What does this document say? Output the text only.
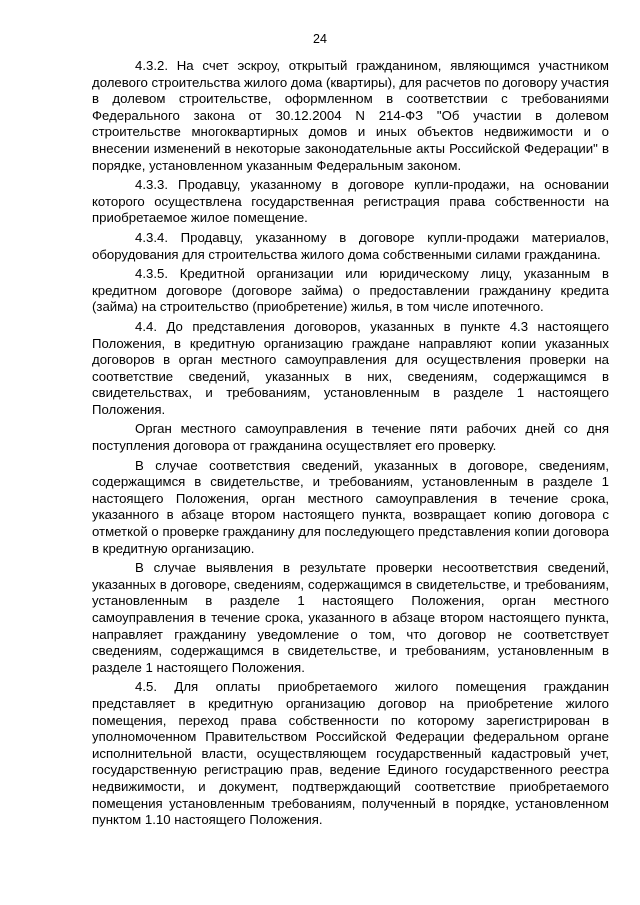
24

4.3.2. На счет эскроу, открытый гражданином, являющимся участником долевого строительства жилого дома (квартиры), для расчетов по договору участия в долевом строительстве, оформленном в соответствии с требованиями Федерального закона от 30.12.2004 N 214-ФЗ "Об участии в долевом строительстве многоквартирных домов и иных объектов недвижимости и о внесении изменений в некоторые законодательные акты Российской Федерации" в порядке, установленном указанным Федеральным законом.

4.3.3. Продавцу, указанному в договоре купли-продажи, на основании которого осуществлена государственная регистрация права собственности на приобретаемое жилое помещение.

4.3.4. Продавцу, указанному в договоре купли-продажи материалов, оборудования для строительства жилого дома собственными силами гражданина.

4.3.5. Кредитной организации или юридическому лицу, указанным в кредитном договоре (договоре займа) о предоставлении гражданину кредита (займа) на строительство (приобретение) жилья, в том числе ипотечного.

4.4. До представления договоров, указанных в пункте 4.3 настоящего Положения, в кредитную организацию граждане направляют копии указанных договоров в орган местного самоуправления для осуществления проверки на соответствие сведений, указанных в них, сведениям, содержащимся в свидетельствах, и требованиям, установленным в разделе 1 настоящего Положения.

Орган местного самоуправления в течение пяти рабочих дней со дня поступления договора от гражданина осуществляет его проверку.

В случае соответствия сведений, указанных в договоре, сведениям, содержащимся в свидетельстве, и требованиям, установленным в разделе 1 настоящего Положения, орган местного самоуправления в течение срока, указанного в абзаце втором настоящего пункта, возвращает копию договора с отметкой о проверке гражданину для последующего представления копии договора в кредитную организацию.

В случае выявления в результате проверки несоответствия сведений, указанных в договоре, сведениям, содержащимся в свидетельстве, и требованиям, установленным в разделе 1 настоящего Положения, орган местного самоуправления в течение срока, указанного в абзаце втором настоящего пункта, направляет гражданину уведомление о том, что договор не соответствует сведениям, содержащимся в свидетельстве, и требованиям, установленным в разделе 1 настоящего Положения.

4.5. Для оплаты приобретаемого жилого помещения гражданин представляет в кредитную организацию договор на приобретение жилого помещения, переход права собственности по которому зарегистрирован в уполномоченном Правительством Российской Федерации федеральном органе исполнительной власти, осуществляющем государственный кадастровый учет, государственную регистрацию прав, ведение Единого государственного реестра недвижимости, и документ, подтверждающий соответствие приобретаемого помещения установленным требованиям, полученный в порядке, установленном пунктом 1.10 настоящего Положения.
